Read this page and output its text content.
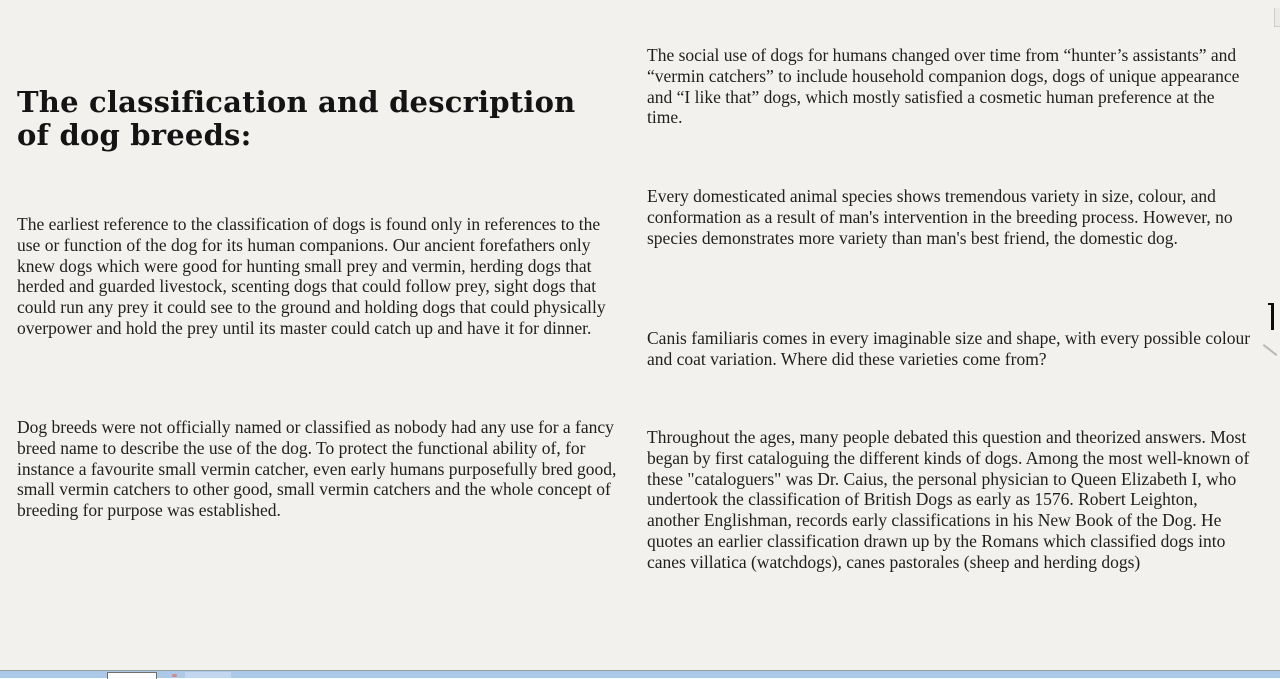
The classification and description of dog breeds:

The earliest reference to the classification of dogs is found only in references to the use or function of the dog for its human companions. Our ancient forefathers only knew dogs which were good for hunting small prey and vermin, herding dogs that herded and guarded livestock, scenting dogs that could follow prey, sight dogs that could run any prey it could see to the ground and holding dogs that could physically overpower and hold the prey until its master could catch up and have it for dinner.

Dog breeds were not officially named or classified as nobody had any use for a fancy breed name to describe the use of the dog. To protect the functional ability of, for instance a favourite small vermin catcher, even early humans purposefully bred good, small vermin catchers to other good, small vermin catchers and the whole concept of breeding for purpose was established.

The social use of dogs for humans changed over time from “hunter’s assistants” and “vermin catchers” to include household companion dogs, dogs of unique appearance and “I like that” dogs, which mostly satisfied a cosmetic human preference at the time.

Every domesticated animal species shows tremendous variety in size, colour, and conformation as a result of man's intervention in the breeding process. However, no species demonstrates more variety than man's best friend, the domestic dog.

Canis familiaris comes in every imaginable size and shape, with every possible colour and coat variation. Where did these varieties come from?

Throughout the ages, many people debated this question and theorized answers. Most began by first cataloguing the different kinds of dogs. Among the most well-known of these "cataloguers" was Dr. Caius, the personal physician to Queen Elizabeth I, who undertook the classification of British Dogs as early as 1576. Robert Leighton, another Englishman, records early classifications in his New Book of the Dog. He quotes an earlier classification drawn up by the Romans which classified dogs into canes villatica (watchdogs), canes pastorales (sheep and herding dogs)
